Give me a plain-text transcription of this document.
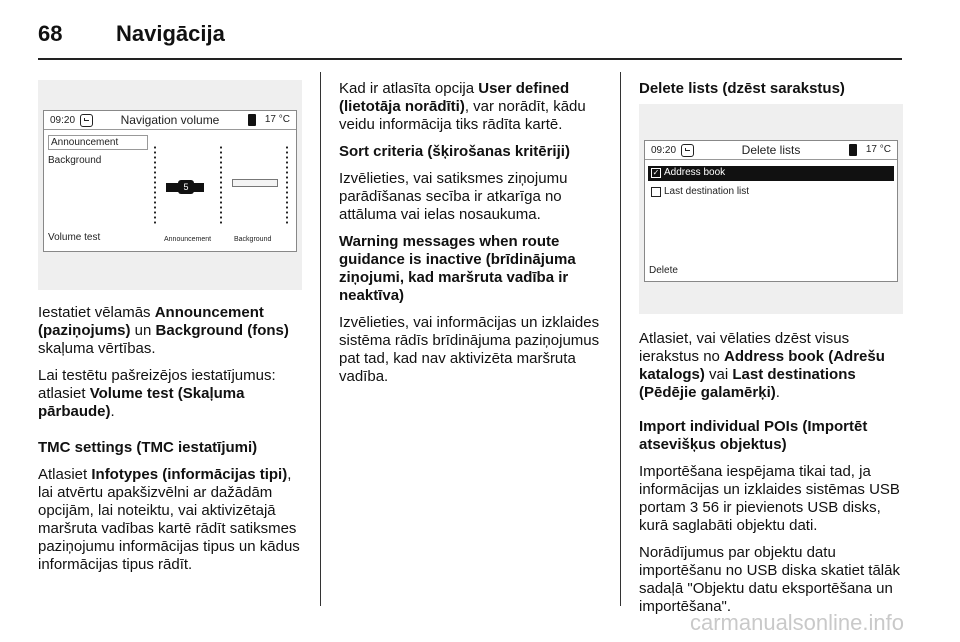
68	Navigācija
09:20	Navigation volume	17 °C
Announcement
Background
Volume test
5
Announcement	Background

Iestatiet vēlamās Announcement (paziņojums) un Background (fons) skaļuma vērtības.

Lai testētu pašreizējos iestatījumus: atlasiet Volume test (Skaļuma pārbaude).

TMC settings (TMC iestatījumi)

Atlasiet Infotypes (informācijas tipi), lai atvērtu apakšizvēlni ar dažādām opcijām, lai noteiktu, vai aktivizētajā maršruta vadības kartē rādīt satiksmes paziņojumu informācijas tipus un kādus informācijas tipus rādīt.

Kad ir atlasīta opcija User defined (lietotāja norādīti), var norādīt, kādu veidu informācija tiks rādīta kartē.

Sort criteria (šķirošanas kritēriji)

Izvēlieties, vai satiksmes ziņojumu parādīšanas secība ir atkarīga no attāluma vai ielas nosaukuma.

Warning messages when route guidance is inactive (brīdinājuma ziņojumi, kad maršruta vadība ir neaktīva)

Izvēlieties, vai informācijas un izklaides sistēma rādīs brīdinājuma paziņojumus pat tad, kad nav aktivizēta maršruta vadība.

Delete lists (dzēst sarakstus)

09:20	Delete lists	17 °C
✓ Address book
Last destination list
Delete

Atlasiet, vai vēlaties dzēst visus ierakstus no Address book (Adrešu katalogs) vai Last destinations (Pēdējie galamērķi).

Import individual POIs (Importēt atsevišķus objektus)

Importēšana iespējama tikai tad, ja informācijas un izklaides sistēmas USB portam 3 56 ir pievienots USB disks, kurā saglabāti objektu dati.

Norādījumus par objektu datu importēšanu no USB diska skatiet tālāk sadaļā "Objektu datu eksportēšana un importēšana".

carmanualsonline.info
